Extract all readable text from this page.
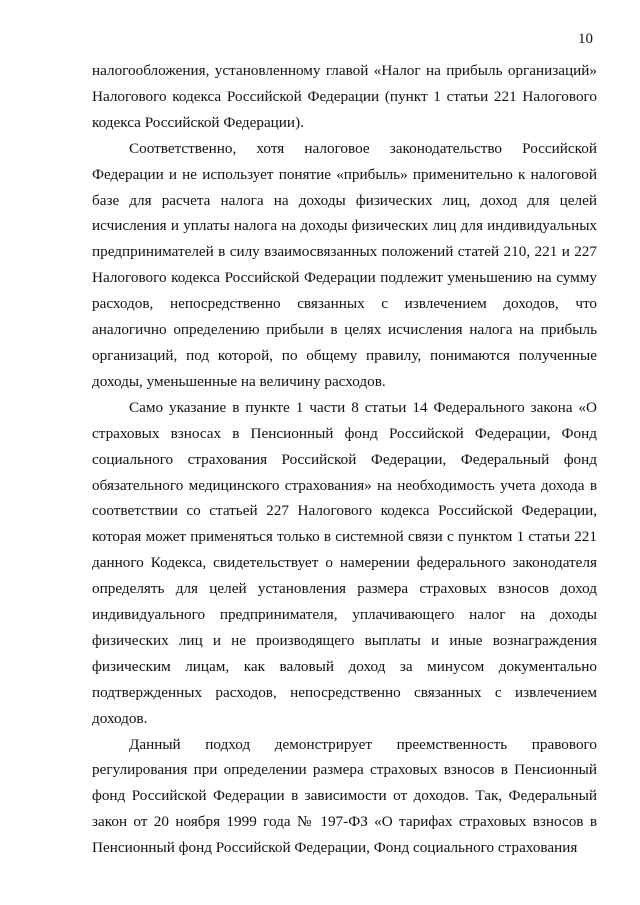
10

налогообложения, установленному главой «Налог на прибыль организаций» Налогового кодекса Российской Федерации (пункт 1 статьи 221 Налогового кодекса Российской Федерации).

Соответственно, хотя налоговое законодательство Российской Федерации и не использует понятие «прибыль» применительно к налоговой базе для расчета налога на доходы физических лиц, доход для целей исчисления и уплаты налога на доходы физических лиц для индивидуальных предпринимателей в силу взаимосвязанных положений статей 210, 221 и 227 Налогового кодекса Российской Федерации подлежит уменьшению на сумму расходов, непосредственно связанных с извлечением доходов, что аналогично определению прибыли в целях исчисления налога на прибыль организаций, под которой, по общему правилу, понимаются полученные доходы, уменьшенные на величину расходов.

Само указание в пункте 1 части 8 статьи 14 Федерального закона «О страховых взносах в Пенсионный фонд Российской Федерации, Фонд социального страхования Российской Федерации, Федеральный фонд обязательного медицинского страхования» на необходимость учета дохода в соответствии со статьей 227 Налогового кодекса Российской Федерации, которая может применяться только в системной связи с пунктом 1 статьи 221 данного Кодекса, свидетельствует о намерении федерального законодателя определять для целей установления размера страховых взносов доход индивидуального предпринимателя, уплачивающего налог на доходы физических лиц и не производящего выплаты и иные вознаграждения физическим лицам, как валовый доход за минусом документально подтвержденных расходов, непосредственно связанных с извлечением доходов.

Данный подход демонстрирует преемственность правового регулирования при определении размера страховых взносов в Пенсионный фонд Российской Федерации в зависимости от доходов. Так, Федеральный закон от 20 ноября 1999 года № 197-ФЗ «О тарифах страховых взносов в Пенсионный фонд Российской Федерации, Фонд социального страхования
